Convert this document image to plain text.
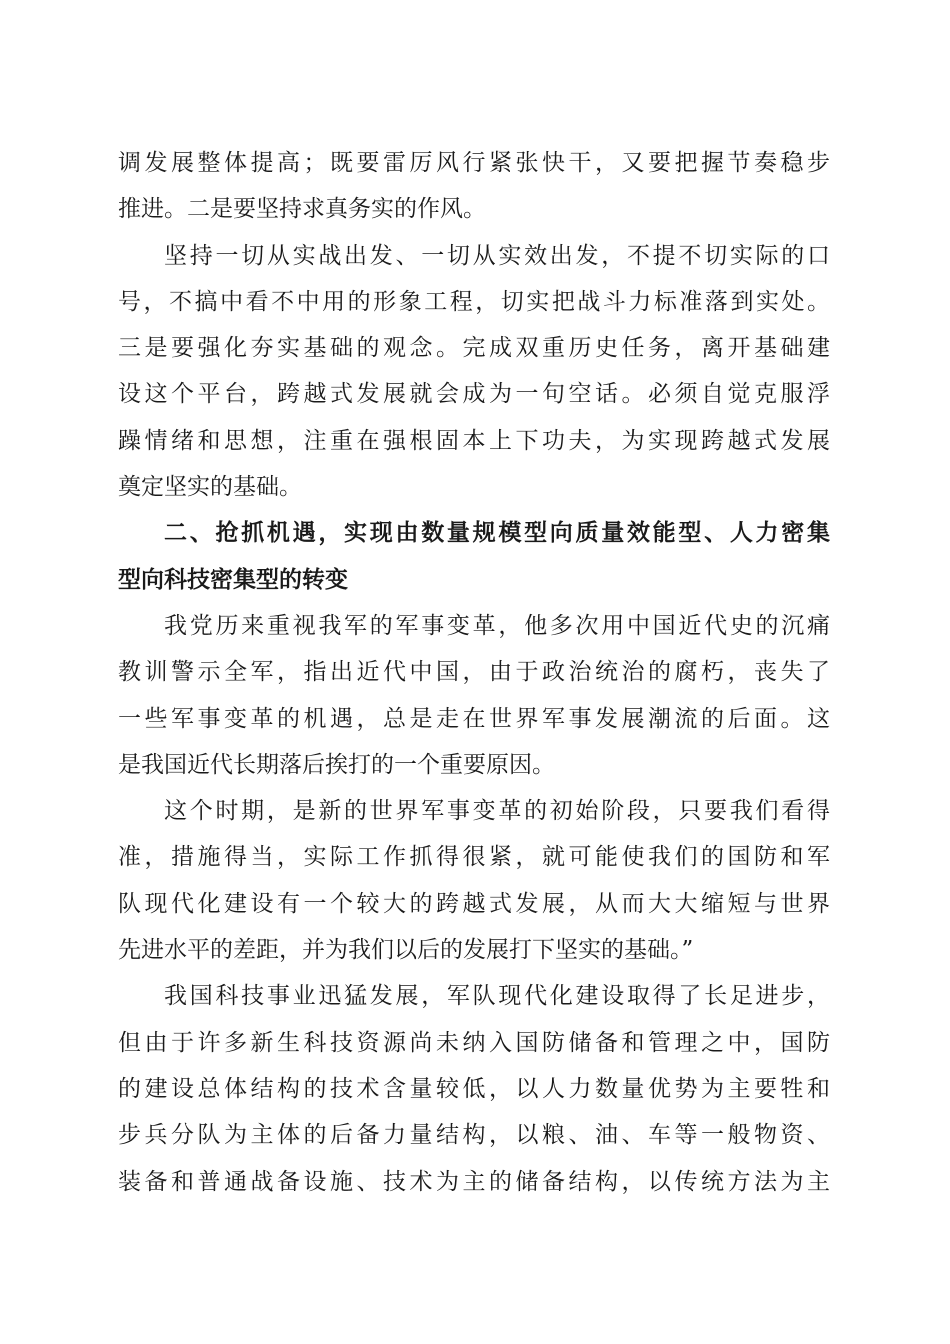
调发展整体提高；既要雷厉风行紧张快干，又要把握节奏稳步
推进。二是要坚持求真务实的作风。
坚持一切从实战出发、一切从实效出发，不提不切实际的口
号，不搞中看不中用的形象工程，切实把战斗力标准落到实处。
三是要强化夯实基础的观念。完成双重历史任务，离开基础建
设这个平台，跨越式发展就会成为一句空话。必须自觉克服浮
躁情绪和思想，注重在强根固本上下功夫，为实现跨越式发展
奠定坚实的基础。
二、抢抓机遇，实现由数量规模型向质量效能型、人力密集
型向科技密集型的转变
我党历来重视我军的军事变革，他多次用中国近代史的沉痛
教训警示全军，指出近代中国，由于政治统治的腐朽，丧失了
一些军事变革的机遇，总是走在世界军事发展潮流的后面。这
是我国近代长期落后挨打的一个重要原因。
这个时期，是新的世界军事变革的初始阶段，只要我们看得
准，措施得当，实际工作抓得很紧，就可能使我们的国防和军
队现代化建设有一个较大的跨越式发展，从而大大缩短与世界
先进水平的差距，并为我们以后的发展打下坚实的基础。”
我国科技事业迅猛发展，军队现代化建设取得了长足进步，
但由于许多新生科技资源尚未纳入国防储备和管理之中，国防
的建设总体结构的技术含量较低，以人力数量优势为主要牲和
步兵分队为主体的后备力量结构，以粮、油、车等一般物资、
装备和普通战备设施、技术为主的储备结构，以传统方法为主
